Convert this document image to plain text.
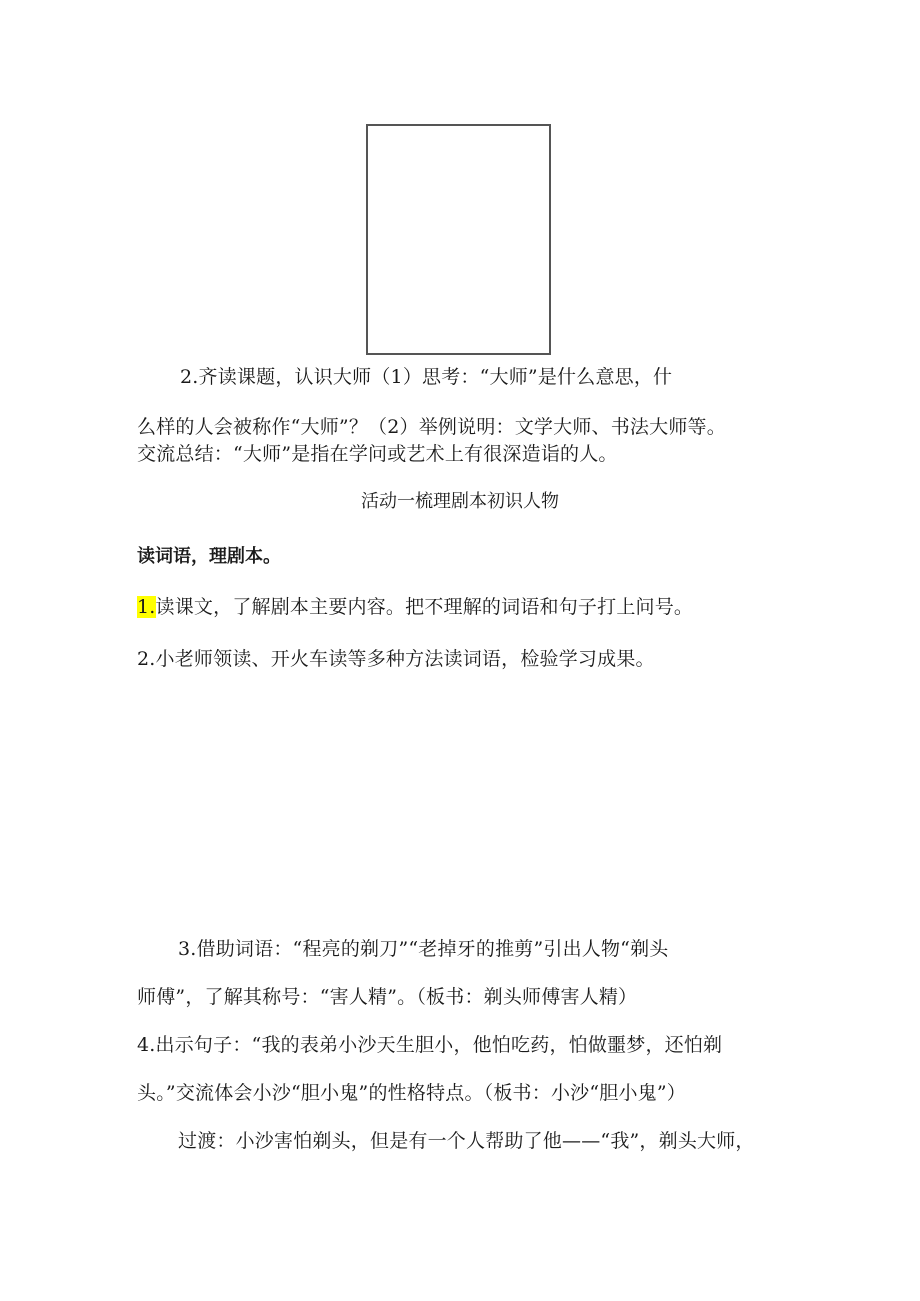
2.齐读课题，认识大师（1）思考：“大师”是什么意思，什
么样的人会被称作“大师”？（2）举例说明：文学大师、书法大师等。
交流总结：“大师”是指在学问或艺术上有很深造诣的人。
活动一梳理剧本初识人物
读词语，理剧本。
1.读课文，了解剧本主要内容。把不理解的词语和句子打上问号。
2.小老师领读、开火车读等多种方法读词语，检验学习成果。
3.借助词语：“程亮的剃刀”“老掉牙的推剪”引出人物“剃头
师傅”，了解其称号：“害人精”。（板书：剃头师傅害人精）
4.出示句子：“我的表弟小沙天生胆小，他怕吃药，怕做噩梦，还怕剃
头。”交流体会小沙“胆小鬼”的性格特点。（板书：小沙“胆小鬼”）
过渡：小沙害怕剃头，但是有一个人帮助了他——“我”，剃头大师，
